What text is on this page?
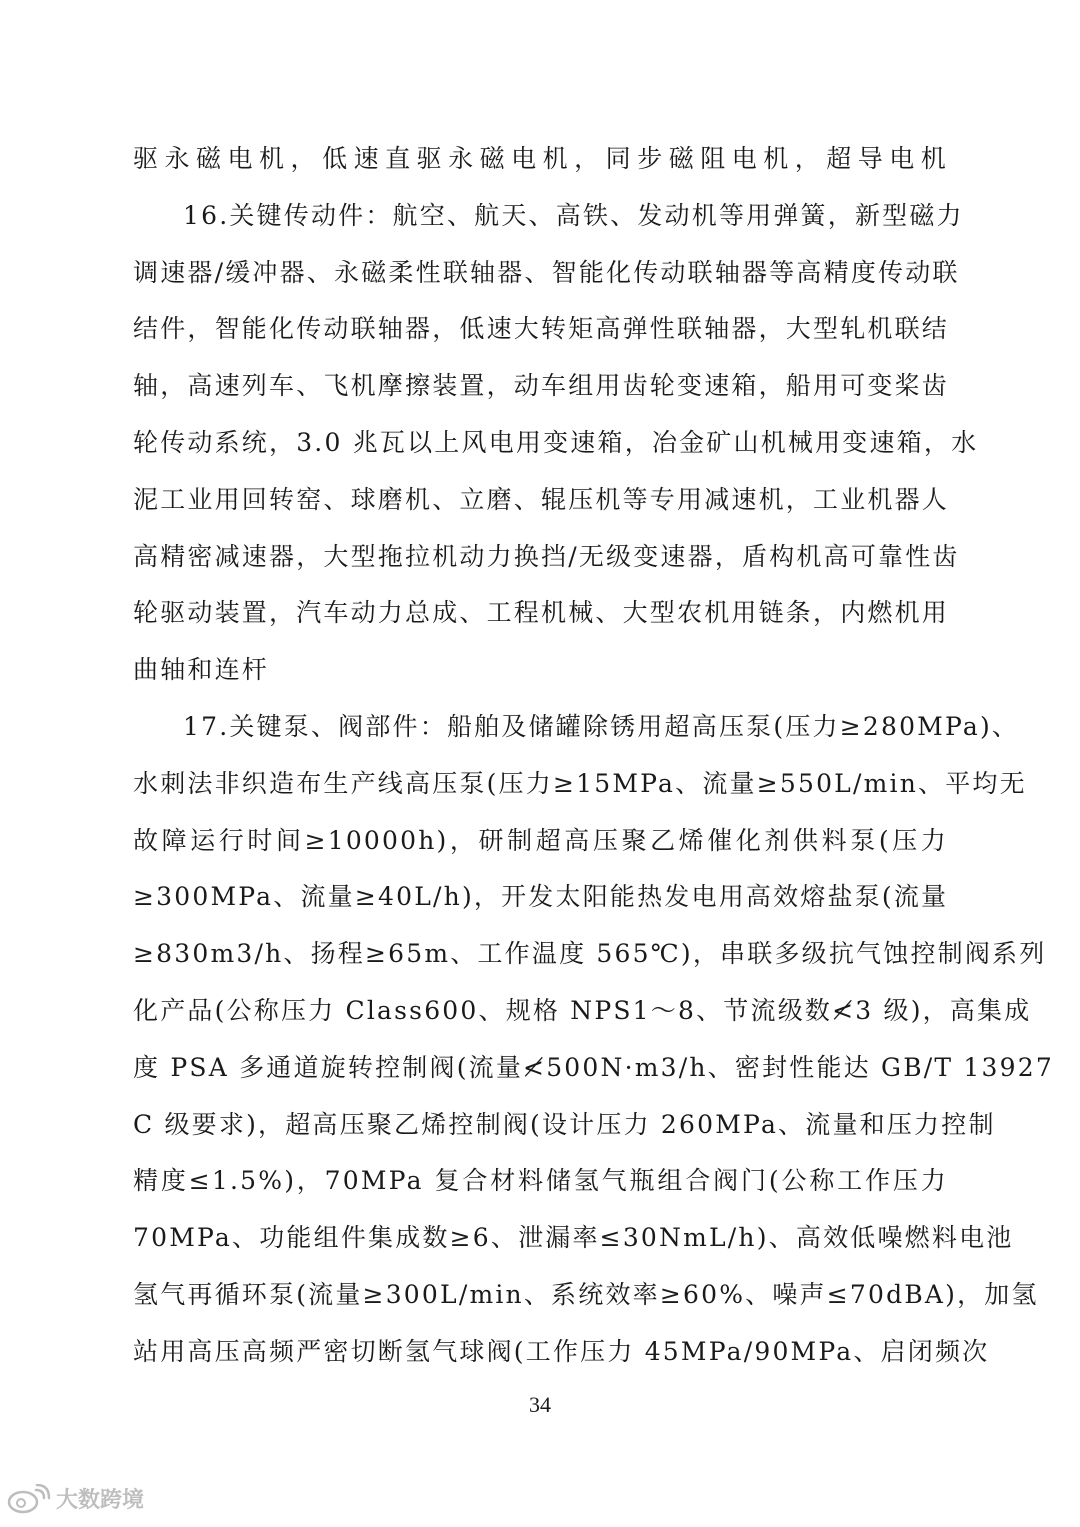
驱永磁电机，低速直驱永磁电机，同步磁阻电机，超导电机
16.关键传动件：航空、航天、高铁、发动机等用弹簧，新型磁力
调速器/缓冲器、永磁柔性联轴器、智能化传动联轴器等高精度传动联
结件，智能化传动联轴器，低速大转矩高弹性联轴器，大型轧机联结
轴，高速列车、飞机摩擦装置，动车组用齿轮变速箱，船用可变桨齿
轮传动系统，3.0 兆瓦以上风电用变速箱，冶金矿山机械用变速箱，水
泥工业用回转窑、球磨机、立磨、辊压机等专用减速机，工业机器人
高精密减速器，大型拖拉机动力换挡/无级变速器，盾构机高可靠性齿
轮驱动装置，汽车动力总成、工程机械、大型农机用链条，内燃机用
曲轴和连杆
17.关键泵、阀部件：船舶及储罐除锈用超高压泵(压力≥280MPa)、
水刺法非织造布生产线高压泵(压力≥15MPa、流量≥550L/min、平均无
故障运行时间≥10000h)，研制超高压聚乙烯催化剂供料泵(压力
≥300MPa、流量≥40L/h)，开发太阳能热发电用高效熔盐泵(流量
≥830m3/h、扬程≥65m、工作温度 565℃)，串联多级抗气蚀控制阀系列
化产品(公称压力 Class600、规格 NPS1～8、节流级数≮3 级)，高集成
度 PSA 多通道旋转控制阀(流量≮500N·m3/h、密封性能达 GB/T 13927
C 级要求)，超高压聚乙烯控制阀(设计压力 260MPa、流量和压力控制
精度≤1.5%)，70MPa 复合材料储氢气瓶组合阀门(公称工作压力
70MPa、功能组件集成数≥6、泄漏率≤30NmL/h)、高效低噪燃料电池
氢气再循环泵(流量≥300L/min、系统效率≥60%、噪声≤70dBA)，加氢
站用高压高频严密切断氢气球阀(工作压力 45MPa/90MPa、启闭频次
34
大数跨境
